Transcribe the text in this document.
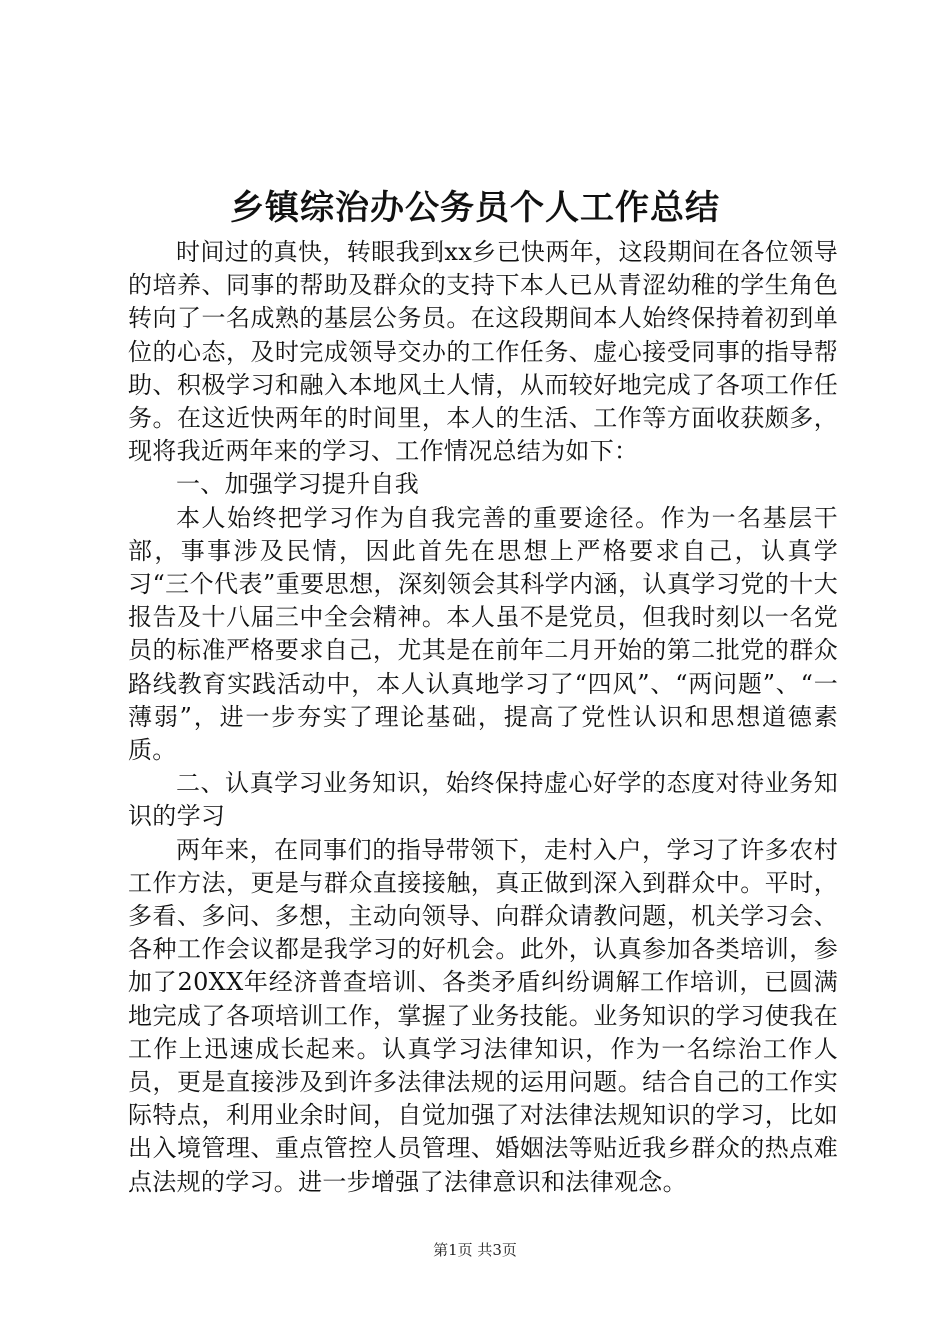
乡镇综治办公务员个人工作总结

时间过的真快，转眼我到xx乡已快两年，这段期间在各位领导的培养、同事的帮助及群众的支持下本人已从青涩幼稚的学生角色转向了一名成熟的基层公务员。在这段期间本人始终保持着初到单位的心态，及时完成领导交办的工作任务、虚心接受同事的指导帮助、积极学习和融入本地风土人情，从而较好地完成了各项工作任务。在这近快两年的时间里，本人的生活、工作等方面收获颇多，现将我近两年来的学习、工作情况总结为如下：

一、加强学习提升自我

本人始终把学习作为自我完善的重要途径。作为一名基层干部，事事涉及民情，因此首先在思想上严格要求自己，认真学习“三个代表”重要思想，深刻领会其科学内涵，认真学习党的十大报告及十八届三中全会精神。本人虽不是党员，但我时刻以一名党员的标准严格要求自己，尤其是在前年二月开始的第二批党的群众路线教育实践活动中，本人认真地学习了“四风”、“两问题”、“一薄弱”，进一步夯实了理论基础，提高了党性认识和思想道德素质。

二、认真学习业务知识，始终保持虚心好学的态度对待业务知识的学习

两年来，在同事们的指导带领下，走村入户，学习了许多农村工作方法，更是与群众直接接触，真正做到深入到群众中。平时，多看、多问、多想，主动向领导、向群众请教问题，机关学习会、各种工作会议都是我学习的好机会。此外，认真参加各类培训，参加了20XX年经济普查培训、各类矛盾纠纷调解工作培训，已圆满地完成了各项培训工作，掌握了业务技能。业务知识的学习使我在工作上迅速成长起来。认真学习法律知识，作为一名综治工作人员，更是直接涉及到许多法律法规的运用问题。结合自己的工作实际特点，利用业余时间，自觉加强了对法律法规知识的学习，比如出入境管理、重点管控人员管理、婚姻法等贴近我乡群众的热点难点法规的学习。进一步增强了法律意识和法律观念。

第1页 共3页
